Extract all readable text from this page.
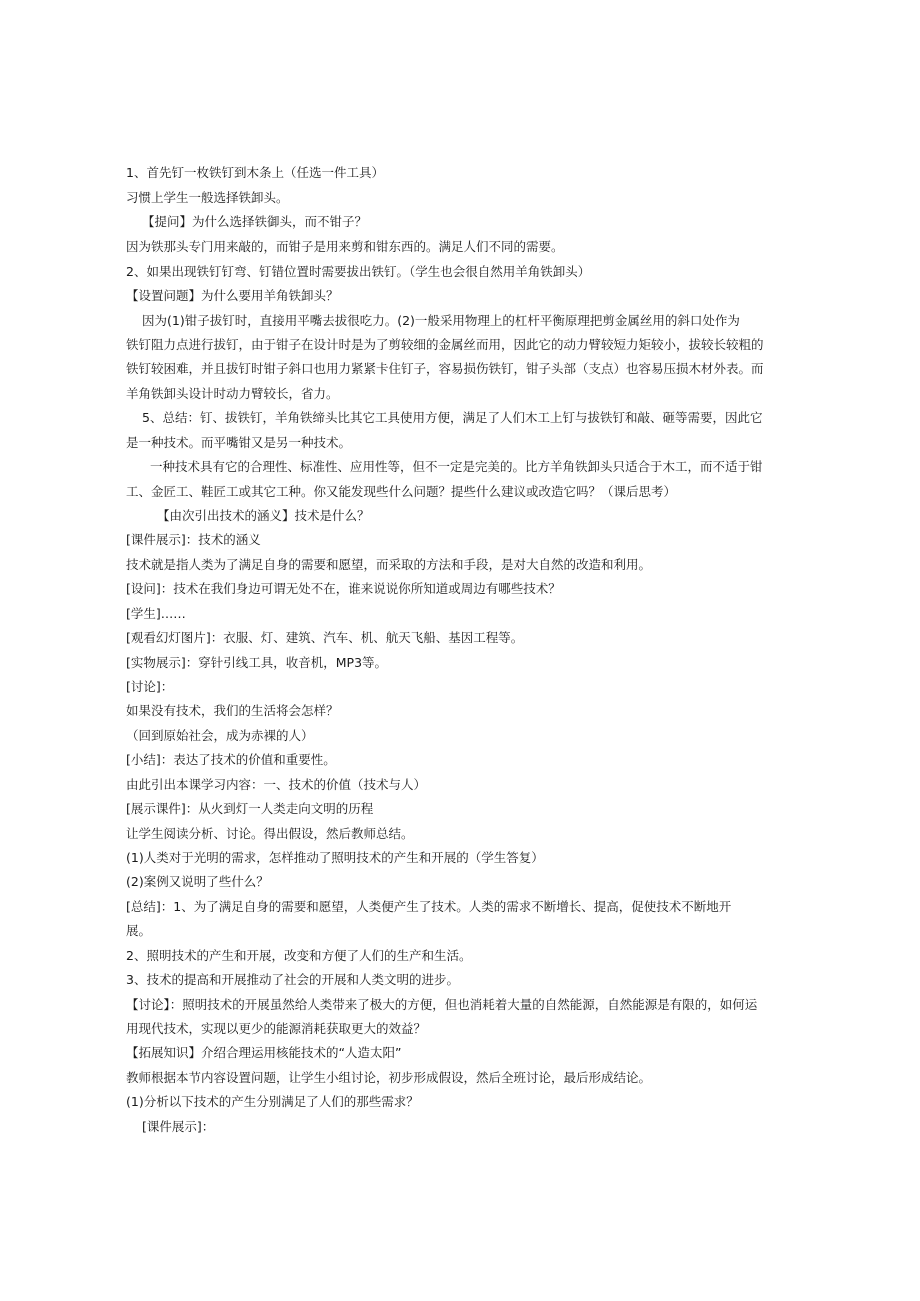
1、首先钉一枚铁钉到木条上（任选一件工具）
习惯上学生一般选择铁卸头。
【提问】为什么选择铁御头，而不钳子？
因为铁那头专门用来敲的，而钳子是用来剪和钳东西的。满足人们不同的需要。
2、如果出现铁钉钉弯、钉错位置时需要拔出铁钉。（学生也会很自然用羊角铁卸头）
【设置问题】为什么要用羊角铁卸头？
因为(1)钳子拔钉时，直接用平嘴去拔很吃力。(2)一般采用物理上的杠杆平衡原理把剪金属丝用的斜口处作为
铁钉阻力点进行拔钉，由于钳子在设计时是为了剪较细的金属丝而用，因此它的动力臂较短力矩较小，拔较长较粗的
铁钉较困难，并且拔钉时钳子斜口也用力紧紧卡住钉子，容易损伤铁钉，钳子头部（支点）也容易压损木材外表。而
羊角铁卸头设计时动力臂较长，省力。
5、总结：钉、拔铁钉，羊角铁缔头比其它工具使用方便，满足了人们木工上钉与拔铁钉和敲、砸等需要，因此它
是一种技术。而平嘴钳又是另一种技术。
一种技术具有它的合理性、标准性、应用性等，但不一定是完美的。比方羊角铁卸头只适合于木工，而不适于钳
工、金匠工、鞋匠工或其它工种。你又能发现些什么问题？提些什么建议或改造它吗？（课后思考）
【由次引出技术的涵义】技术是什么？
[课件展示]：技术的涵义
技术就是指人类为了满足自身的需要和愿望，而采取的方法和手段，是对大自然的改造和利用。
[设问]：技术在我们身边可谓无处不在，谁来说说你所知道或周边有哪些技术？
[学生]……
[观看幻灯图片]：衣服、灯、建筑、汽车、机、航天飞船、基因工程等。
[实物展示]：穿针引线工具，收音机，MP3等。
[讨论]：
如果没有技术，我们的生活将会怎样？
（回到原始社会，成为赤裸的人）
[小结]：表达了技术的价值和重要性。
由此引出本课学习内容：一、技术的价值（技术与人）
[展示课件]：从火到灯一人类走向文明的历程
让学生阅读分析、讨论。得出假设，然后教师总结。
(1)人类对于光明的需求，怎样推动了照明技术的产生和开展的（学生答复）
(2)案例又说明了些什么？
[总结]：1、为了满足自身的需要和愿望，人类便产生了技术。人类的需求不断增长、提高，促使技术不断地开
展。
2、照明技术的产生和开展，改变和方便了人们的生产和生活。
3、技术的提高和开展推动了社会的开展和人类文明的进步。
【讨论】：照明技术的开展虽然给人类带来了极大的方便，但也消耗着大量的自然能源，自然能源是有限的，如何运
用现代技术，实现以更少的能源消耗获取更大的效益？
【拓展知识】介绍合理运用核能技术的“人造太阳”
教师根据本节内容设置问题，让学生小组讨论，初步形成假设，然后全班讨论，最后形成结论。
(1)分析以下技术的产生分别满足了人们的那些需求？
[课件展示]：
